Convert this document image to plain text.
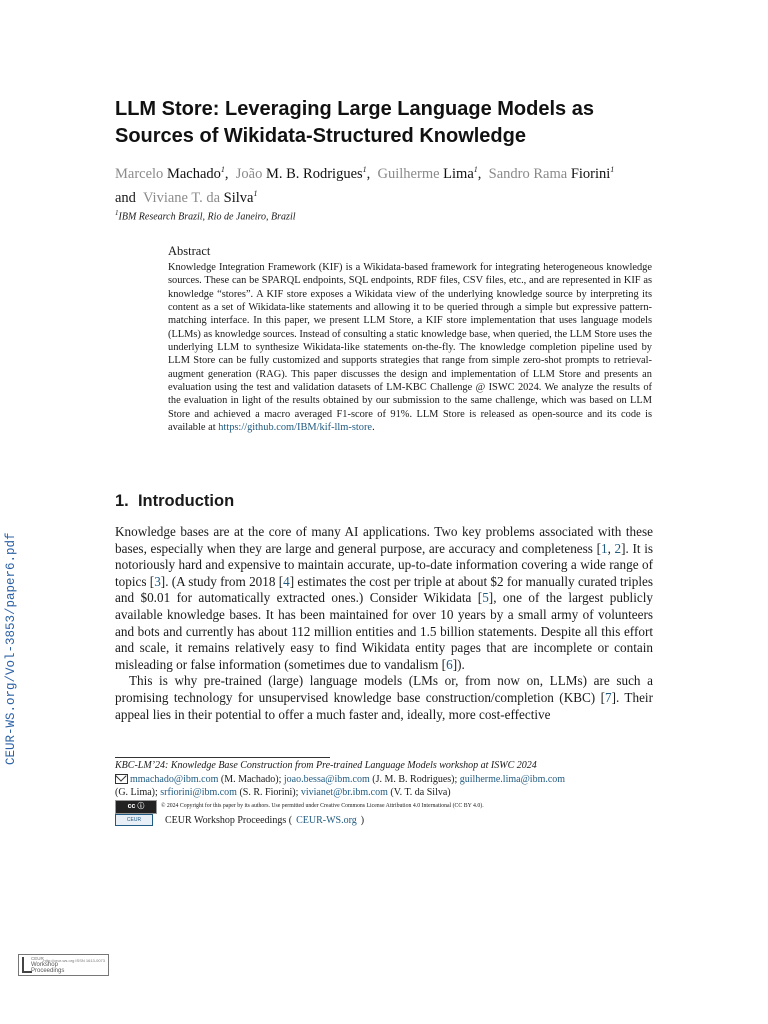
LLM Store: Leveraging Large Language Models as
Sources of Wikidata-Structured Knowledge
Marcelo Machado$^1$,  João M. B. Rodrigues$^1$,  Guilherme Lima$^1$,  Sandro Rama Fiorini$^1$
and Viviane T. da Silva$^1$
$^1$IBM Research Brazil, Rio de Janeiro, Brazil
Abstract
Knowledge Integration Framework (KIF) is a Wikidata-based framework for integrating heterogeneous knowledge sources. These can be SPARQL endpoints, SQL endpoints, RDF files, CSV files, etc., and are represented in KIF as knowledge “stores”. A KIF store exposes a Wikidata view of the underlying knowledge source by interpreting its content as a set of Wikidata-like statements and allowing it to be queried through a simple but expressive pattern-matching interface. In this paper, we present LLM Store, a KIF store implementation that uses language models (LLMs) as knowledge sources. Instead of consulting a static knowledge base, when queried, the LLM Store uses the underlying LLM to synthesize Wikidata-like statements on-the-fly. The knowledge completion pipeline used by LLM Store can be fully customized and supports strategies that range from simple zero-shot prompts to retrieval-augment generation (RAG). This paper discusses the design and implementation of LLM Store and presents an evaluation using the test and validation datasets of LM-KBC Challenge @ ISWC 2024. We analyze the results of the evaluation in light of the results obtained by our submission to the same challenge, which was based on LLM Store and achieved a macro averaged F1-score of 91%. LLM Store is released as open-source and its code is available at https://github.com/IBM/kif-llm-store.
1. Introduction

Knowledge bases are at the core of many AI applications. Two key problems associated with these bases, especially when they are large and general purpose, are accuracy and completeness [1, 2]. It is notoriously hard and expensive to maintain accurate, up-to-date information covering a wide range of topics [3]. (A study from 2018 [4] estimates the cost per triple at about $2 for manually curated triples and $0.01 for automatically extracted ones.) Consider Wikidata [5], one of the largest publicly available knowledge bases. It has been maintained for over 10 years by a small army of volunteers and bots and currently has about 112 million entities and 1.5 billion statements. Despite all this effort and scale, it remains relatively easy to find Wikidata entity pages that are incomplete or contain misleading or false information (sometimes due to vandalism [6]).

This is why pre-trained (large) language models (LMs or, from now on, LLMs) are such a promising technology for unsupervised knowledge base construction/completion (KBC) [7]. Their appeal lies in their potential to offer a much faster and, ideally, more cost-effective

KBC-LM’24: Knowledge Base Construction from Pre-trained Language Models workshop at ISWC 2024
mmachado@ibm.com (M. Machado); joao.bessa@ibm.com (J. M. B. Rodrigues); guilherme.lima@ibm.com
(G. Lima); srfiorini@ibm.com (S. R. Fiorini); vivianet@br.ibm.com (V. T. da Silva)
cc ⓘ	© 2024 Copyright for this paper by its authors. Use permitted under Creative Commons License Attribution 4.0 International (CC BY 4.0).
CEUR	CEUR Workshop Proceedings ( CEUR-WS.org )
CEUR-WS.org/Vol-3853/paper6.pdf
CEUR
Workshop
Proceedings
http://ceur-ws.org ISSN 1613-0073
